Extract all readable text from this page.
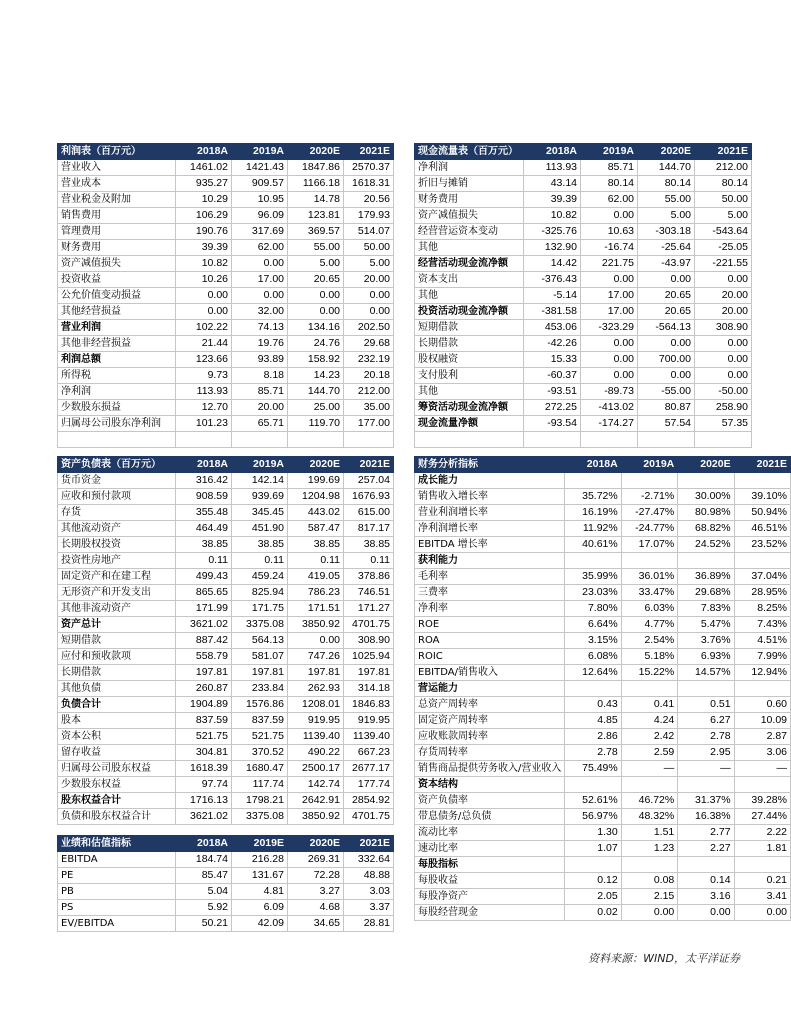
利润表（百万元）	2018A	2019A	2020E	2021E
营业收入	1461.02	1421.43	1847.86	2570.37
营业成本	935.27	909.57	1166.18	1618.31
营业税金及附加	10.29	10.95	14.78	20.56
销售费用	106.29	96.09	123.81	179.93
管理费用	190.76	317.69	369.57	514.07
财务费用	39.39	62.00	55.00	50.00
资产减值损失	10.82	0.00	5.00	5.00
投资收益	10.26	17.00	20.65	20.00
公允价值变动损益	0.00	0.00	0.00	0.00
其他经营损益	0.00	32.00	0.00	0.00
营业利润	102.22	74.13	134.16	202.50
其他非经营损益	21.44	19.76	24.76	29.68
利润总额	123.66	93.89	158.92	232.19
所得税	9.73	8.18	14.23	20.18
净利润	113.93	85.71	144.70	212.00
少数股东损益	12.70	20.00	25.00	35.00
归属母公司股东净利润	101.23	65.71	119.70	177.00

现金流量表（百万元）	2018A	2019A	2020E	2021E
净利润	113.93	85.71	144.70	212.00
折旧与摊销	43.14	80.14	80.14	80.14
财务费用	39.39	62.00	55.00	50.00
资产减值损失	10.82	0.00	5.00	5.00
经营营运资本变动	-325.76	10.63	-303.18	-543.64
其他	132.90	-16.74	-25.64	-25.05
经营活动现金流净额	14.42	221.75	-43.97	-221.55
资本支出	-376.43	0.00	0.00	0.00
其他	-5.14	17.00	20.65	20.00
投资活动现金流净额	-381.58	17.00	20.65	20.00
短期借款	453.06	-323.29	-564.13	308.90
长期借款	-42.26	0.00	0.00	0.00
股权融资	15.33	0.00	700.00	0.00
支付股利	-60.37	0.00	0.00	0.00
其他	-93.51	-89.73	-55.00	-50.00
筹资活动现金流净额	272.25	-413.02	80.87	258.90
现金流量净额	-93.54	-174.27	57.54	57.35

资产负债表（百万元）	2018A	2019A	2020E	2021E
货币资金	316.42	142.14	199.69	257.04
应收和预付款项	908.59	939.69	1204.98	1676.93
存货	355.48	345.45	443.02	615.00
其他流动资产	464.49	451.90	587.47	817.17
长期股权投资	38.85	38.85	38.85	38.85
投资性房地产	0.11	0.11	0.11	0.11
固定资产和在建工程	499.43	459.24	419.05	378.86
无形资产和开发支出	865.65	825.94	786.23	746.51
其他非流动资产	171.99	171.75	171.51	171.27
资产总计	3621.02	3375.08	3850.92	4701.75
短期借款	887.42	564.13	0.00	308.90
应付和预收款项	558.79	581.07	747.26	1025.94
长期借款	197.81	197.81	197.81	197.81
其他负债	260.87	233.84	262.93	314.18
负债合计	1904.89	1576.86	1208.01	1846.83
股本	837.59	837.59	919.95	919.95
资本公积	521.75	521.75	1139.40	1139.40
留存收益	304.81	370.52	490.22	667.23
归属母公司股东权益	1618.39	1680.47	2500.17	2677.17
少数股东权益	97.74	117.74	142.74	177.74
股东权益合计	1716.13	1798.21	2642.91	2854.92
负债和股东权益合计	3621.02	3375.08	3850.92	4701.75
财务分析指标	2018A	2019A	2020E	2021E
成长能力				
销售收入增长率	35.72%	-2.71%	30.00%	39.10%
营业利润增长率	16.19%	-27.47%	80.98%	50.94%
净利润增长率	11.92%	-24.77%	68.82%	46.51%
EBITDA 增长率	40.61%	17.07%	24.52%	23.52%
获利能力				
毛利率	35.99%	36.01%	36.89%	37.04%
三费率	23.03%	33.47%	29.68%	28.95%
净利率	7.80%	6.03%	7.83%	8.25%
ROE	6.64%	4.77%	5.47%	7.43%
ROA	3.15%	2.54%	3.76%	4.51%
ROIC	6.08%	5.18%	6.93%	7.99%
EBITDA/销售收入	12.64%	15.22%	14.57%	12.94%
营运能力				
总资产周转率	0.43	0.41	0.51	0.60
固定资产周转率	4.85	4.24	6.27	10.09
应收账款周转率	2.86	2.42	2.78	2.87
存货周转率	2.78	2.59	2.95	3.06
销售商品提供劳务收入/营业收入	75.49%	—	—	—
资本结构				
资产负债率	52.61%	46.72%	31.37%	39.28%
带息债务/总负债	56.97%	48.32%	16.38%	27.44%
流动比率	1.30	1.51	2.77	2.22
速动比率	1.07	1.23	2.27	1.81
每股指标				
每股收益	0.12	0.08	0.14	0.21
每股净资产	2.05	2.15	3.16	3.41
每股经营现金	0.02	0.00	0.00	0.00
业绩和估值指标	2018A	2019E	2020E	2021E
EBITDA	184.74	216.28	269.31	332.64
PE	85.47	131.67	72.28	48.88
PB	5.04	4.81	3.27	3.03
PS	5.92	6.09	4.68	3.37
EV/EBITDA	50.21	42.09	34.65	28.81
资料来源：WIND，太平洋证券
